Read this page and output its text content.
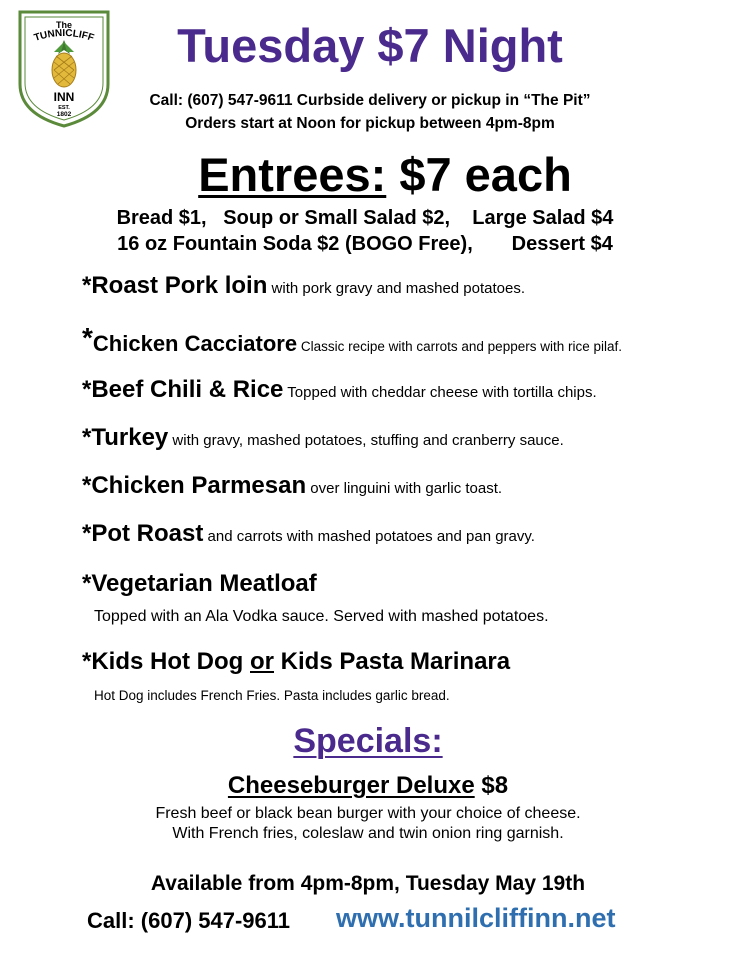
The
TUNNICLIFF
INN
EST.
1802
Tuesday $7 Night
Call: (607) 547-9611 Curbside delivery or pickup in “The Pit”
Orders start at Noon for pickup between 4pm-8pm
Entrees: $7 each
Bread $1,   Soup or Small Salad $2,    Large Salad $4
16 oz Fountain Soda $2 (BOGO Free),       Dessert $4
*Roast Pork loin with pork gravy and mashed potatoes.
*Chicken Cacciatore Classic recipe with carrots and peppers with rice pilaf.
*Beef Chili & Rice Topped with cheddar cheese with tortilla chips.
*Turkey with gravy, mashed potatoes, stuffing and cranberry sauce.
*Chicken Parmesan over linguini with garlic toast.
*Pot Roast and carrots with mashed potatoes and pan gravy.
*Vegetarian Meatloaf
Topped with an Ala Vodka sauce. Served with mashed potatoes.
*Kids Hot Dog or Kids Pasta Marinara
Hot Dog includes French Fries. Pasta includes garlic bread.
Specials:
Cheeseburger Deluxe $8
Fresh beef or black bean burger with your choice of cheese.
With French fries, coleslaw and twin onion ring garnish.
Available from 4pm-8pm, Tuesday May 19th
Call: (607) 547-9611 www.tunnilcliffinn.net
